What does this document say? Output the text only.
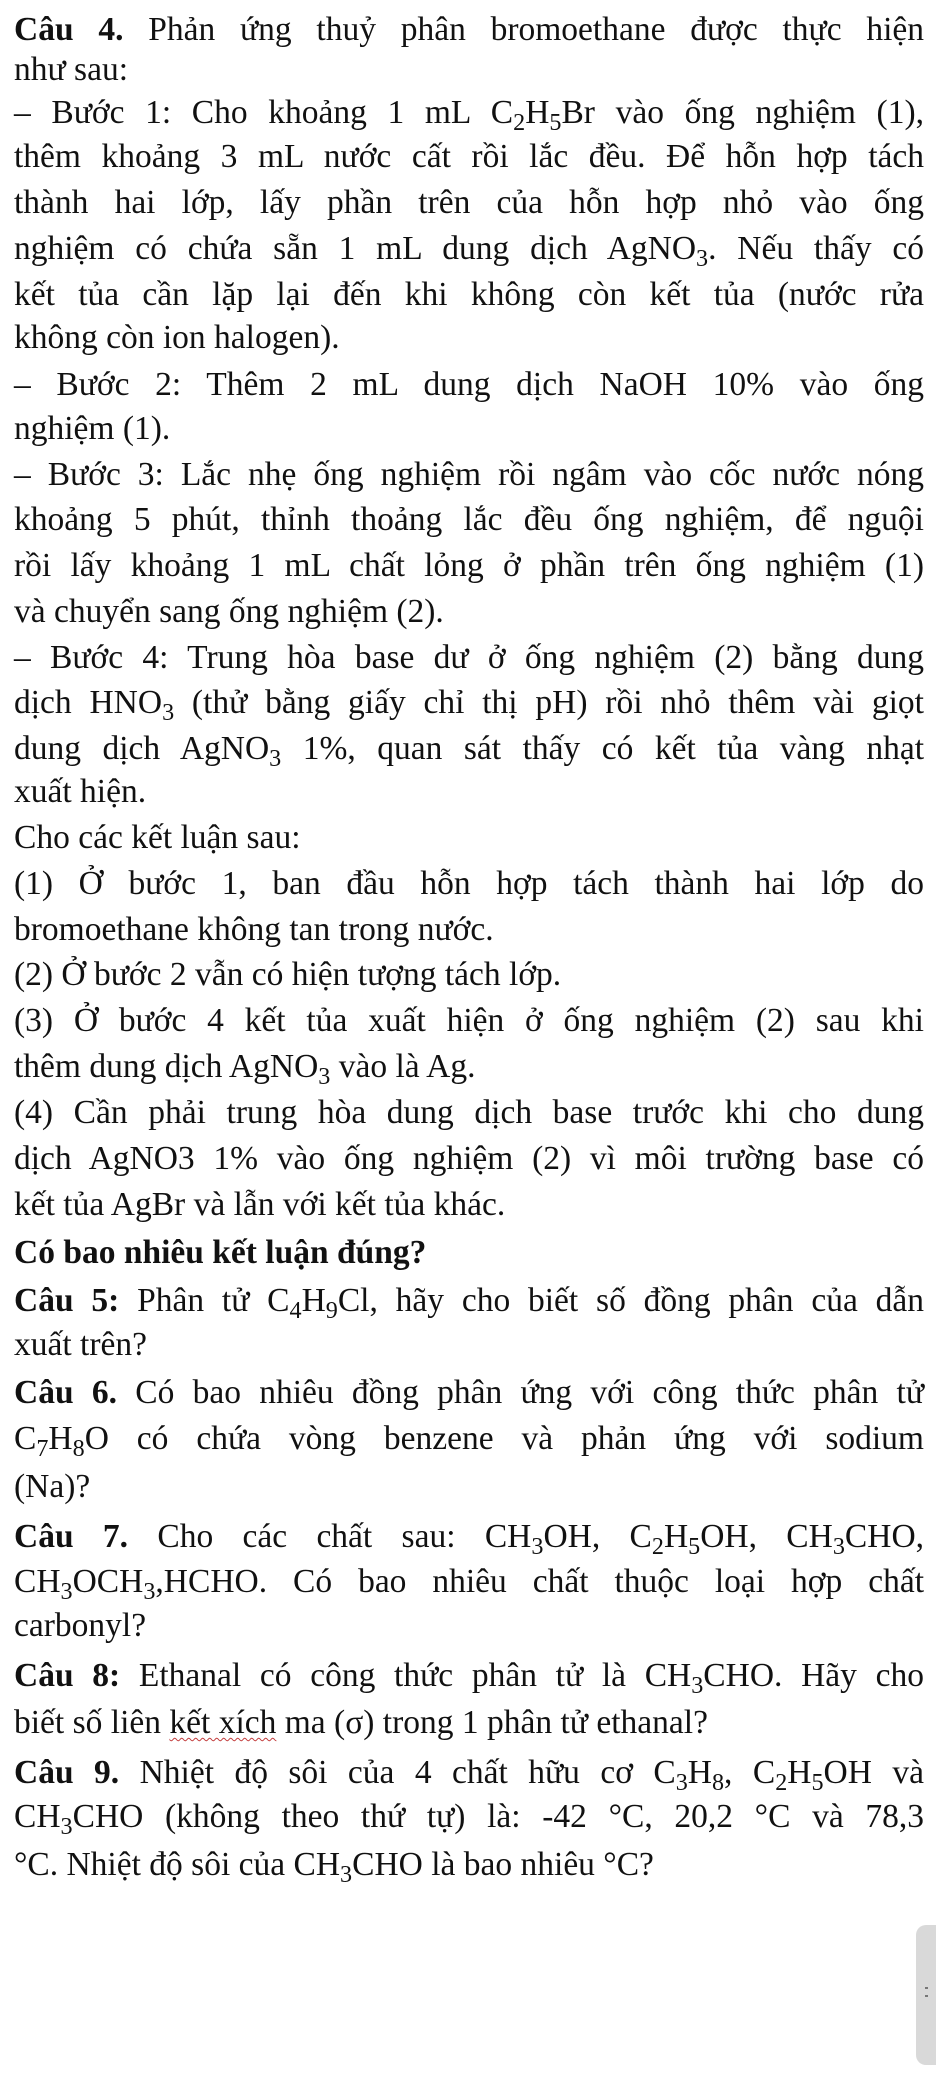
Câu 4. Phản ứng thuỷ phân bromoethane được thực hiện
như sau:
– Bước 1: Cho khoảng 1 mL $C_2H_5Br$ vào ống nghiệm (1),
thêm khoảng 3 mL nước cất rồi lắc đều. Để hỗn hợp tách
thành hai lớp, lấy phần trên của hỗn hợp nhỏ vào ống
nghiệm có chứa sẵn 1 mL dung dịch AgNO$_3$. Nếu thấy có
kết tủa cần lặp lại đến khi không còn kết tủa (nước rửa
không còn ion halogen).
– Bước 2: Thêm 2 mL dung dịch NaOH 10% vào ống
nghiệm (1).
– Bước 3: Lắc nhẹ ống nghiệm rồi ngâm vào cốc nước nóng
khoảng 5 phút, thỉnh thoảng lắc đều ống nghiệm, để nguội
rồi lấy khoảng 1 mL chất lỏng ở phần trên ống nghiệm (1)
và chuyển sang ống nghiệm (2).
– Bước 4: Trung hòa base dư ở ống nghiệm (2) bằng dung
dịch $HNO_3$ (thử bằng giấy chỉ thị pH) rồi nhỏ thêm vài giọt
dung dịch AgNO$_3$ 1%, quan sát thấy có kết tủa vàng nhạt
xuất hiện.
Cho các kết luận sau:
(1) Ở bước 1, ban đầu hỗn hợp tách thành hai lớp do
bromoethane không tan trong nước.
(2) Ở bước 2 vẫn có hiện tượng tách lớp.
(3) Ở bước 4 kết tủa xuất hiện ở ống nghiệm (2) sau khi
thêm dung dịch AgNO$_3$ vào là Ag.
(4) Cần phải trung hòa dung dịch base trước khi cho dung
dịch AgNO3 1% vào ống nghiệm (2) vì môi trường base có
kết tủa AgBr và lẫn với kết tủa khác.
Có bao nhiêu kết luận đúng?
Câu 5: Phân tử $C_4H_9Cl$, hãy cho biết số đồng phân của dẫn
xuất trên?
Câu 6. Có bao nhiêu đồng phân ứng với công thức phân tử
$C_7H_8O$ có chứa vòng benzene và phản ứng với sodium
(Na)?
Câu 7. Cho các chất sau: $CH_3OH$, $C_2H_5OH$, $CH_3CHO$,
$CH_3OCH_3,HCHO$. Có bao nhiêu chất thuộc loại hợp chất
carbonyl?
Câu 8: Ethanal có công thức phân tử là $CH_3CHO$. Hãy cho
biết số liên kết xích ma (σ) trong 1 phân tử ethanal?
Câu 9. Nhiệt độ sôi của 4 chất hữu cơ $C_3H_8$, $C_2H_5OH$ và
$CH_3CHO$ (không theo thứ tự) là: -42 °C, 20,2 °C và 78,3
°C. Nhiệt độ sôi của $CH_3CHO$ là bao nhiêu °C?
